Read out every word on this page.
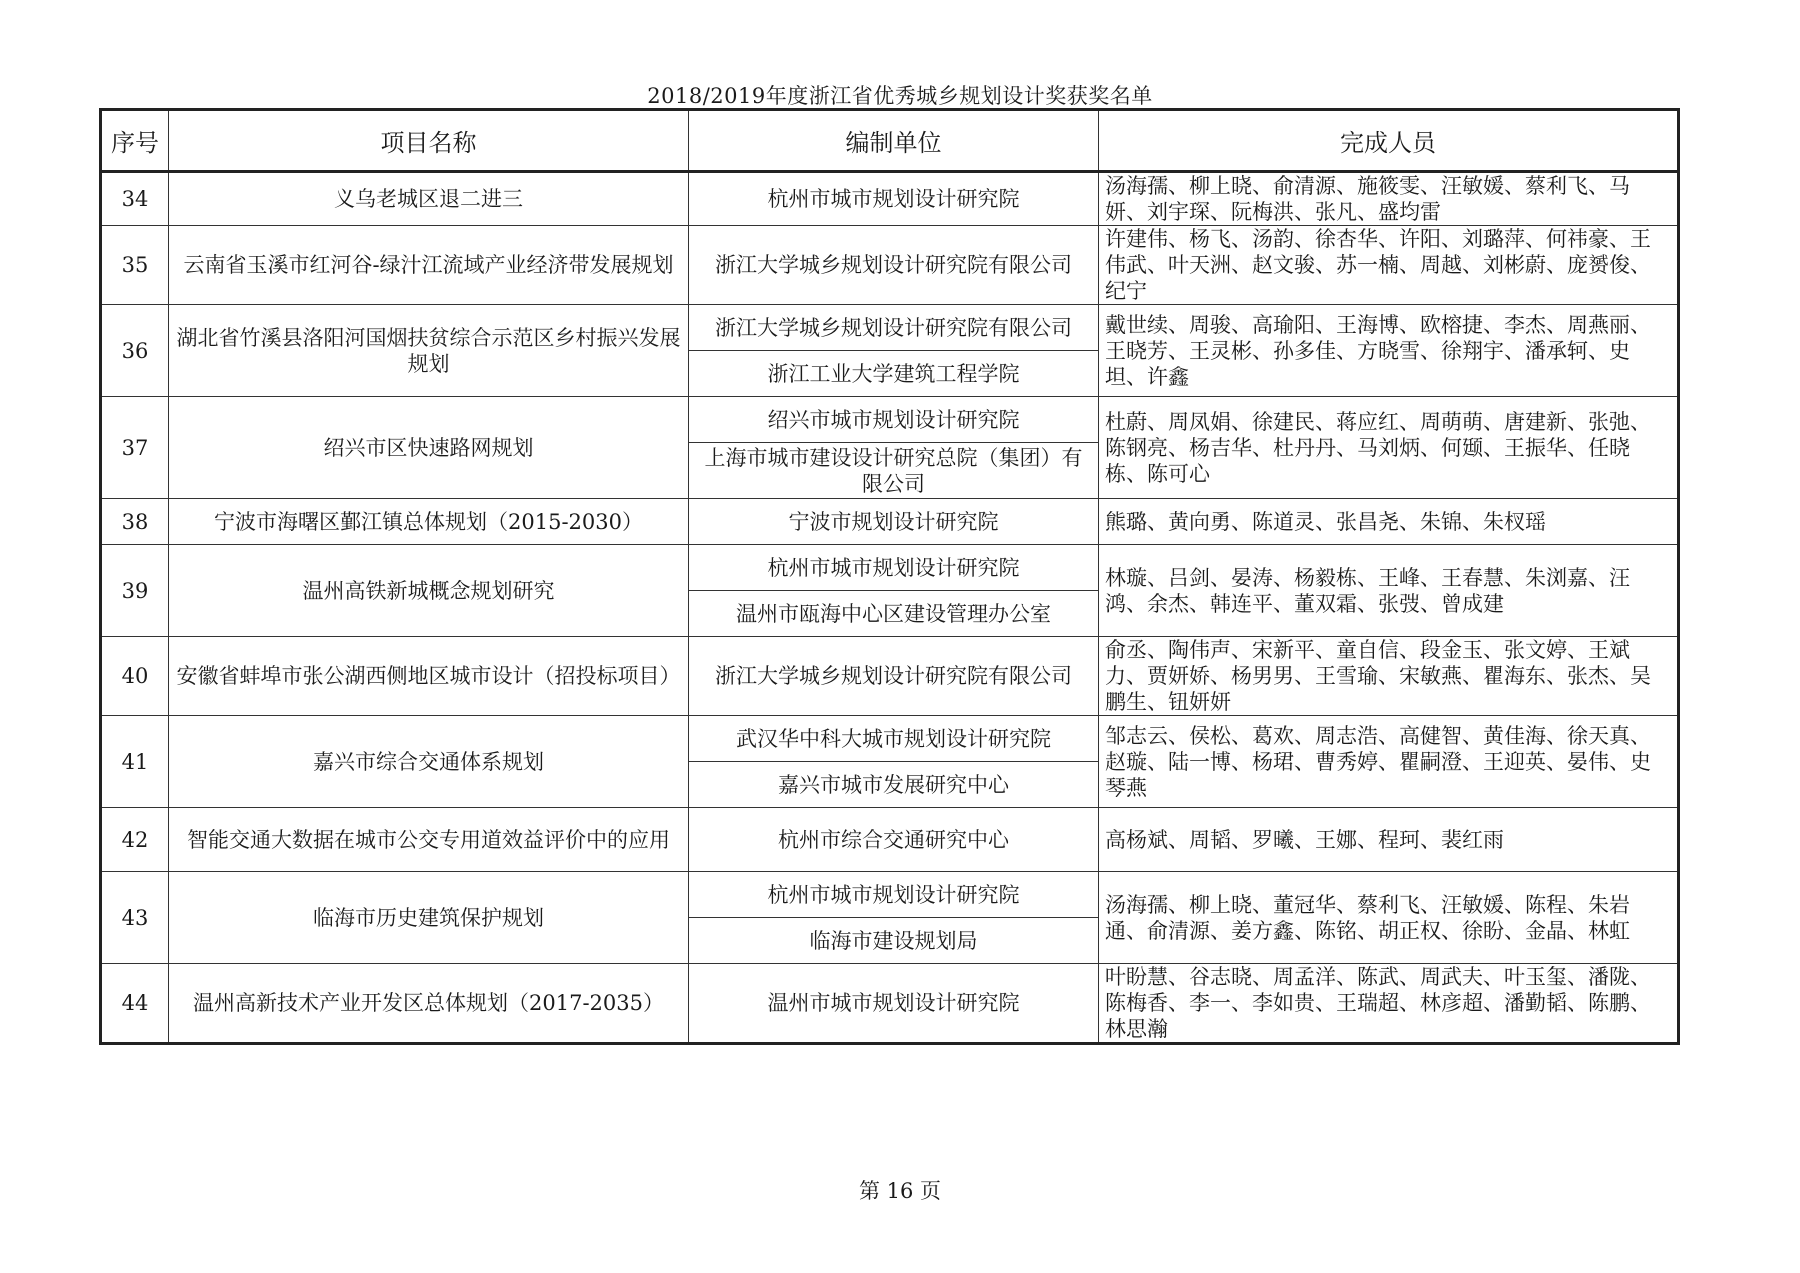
2018/2019年度浙江省优秀城乡规划设计奖获奖名单
序号	项目名称	编制单位	完成人员
34	义乌老城区退二进三	杭州市城市规划设计研究院	汤海孺、柳上晓、俞清源、施筱雯、汪敏媛、蔡利飞、马妍、刘宇琛、阮梅洪、张凡、盛均雷
35	云南省玉溪市红河谷-绿汁江流域产业经济带发展规划	浙江大学城乡规划设计研究院有限公司	许建伟、杨飞、汤韵、徐杏华、许阳、刘璐萍、何祎豪、王伟武、叶天洲、赵文骏、苏一楠、周越、刘彬蔚、庞赟俊、纪宁
36	湖北省竹溪县洛阳河国烟扶贫综合示范区乡村振兴发展规划	浙江大学城乡规划设计研究院有限公司	戴世续、周骏、高瑜阳、王海博、欧榕捷、李杰、周燕丽、王晓芳、王灵彬、孙多佳、方晓雪、徐翔宇、潘承轲、史坦、许鑫
		浙江工业大学建筑工程学院	
37	绍兴市区快速路网规划	绍兴市城市规划设计研究院	杜蔚、周凤娟、徐建民、蒋应红、周萌萌、唐建新、张弛、陈钢亮、杨吉华、杜丹丹、马刘炳、何颋、王振华、任晓栋、陈可心
		上海市城市建设设计研究总院（集团）有限公司	
38	宁波市海曙区鄞江镇总体规划（2015-2030）	宁波市规划设计研究院	熊璐、黄向勇、陈道灵、张昌尧、朱锦、朱杈瑶
39	温州高铁新城概念规划研究	杭州市城市规划设计研究院	林璇、吕剑、晏涛、杨毅栋、王峰、王春慧、朱浏嘉、汪鸿、余杰、韩连平、董双霜、张弢、曾成建
		温州市瓯海中心区建设管理办公室	
40	安徽省蚌埠市张公湖西侧地区城市设计（招投标项目）	浙江大学城乡规划设计研究院有限公司	俞丞、陶伟声、宋新平、童自信、段金玉、张文婷、王斌力、贾妍娇、杨男男、王雪瑜、宋敏燕、瞿海东、张杰、吴鹏生、钮妍妍
41	嘉兴市综合交通体系规划	武汉华中科大城市规划设计研究院	邹志云、侯松、葛欢、周志浩、高健智、黄佳海、徐天真、赵璇、陆一博、杨珺、曹秀婷、瞿嗣澄、王迎英、晏伟、史琴燕
		嘉兴市城市发展研究中心	
42	智能交通大数据在城市公交专用道效益评价中的应用	杭州市综合交通研究中心	高杨斌、周韬、罗曦、王娜、程珂、裴红雨
43	临海市历史建筑保护规划	杭州市城市规划设计研究院	汤海孺、柳上晓、董冠华、蔡利飞、汪敏媛、陈程、朱岩通、俞清源、姜方鑫、陈铭、胡正权、徐盼、金晶、林虹
		临海市建设规划局	
44	温州高新技术产业开发区总体规划（2017-2035）	温州市城市规划设计研究院	叶盼慧、谷志晓、周孟洋、陈武、周武夫、叶玉玺、潘陇、陈梅香、李一、李如贵、王瑞超、林彦超、潘勤韬、陈鹏、林思瀚
第 16 页
